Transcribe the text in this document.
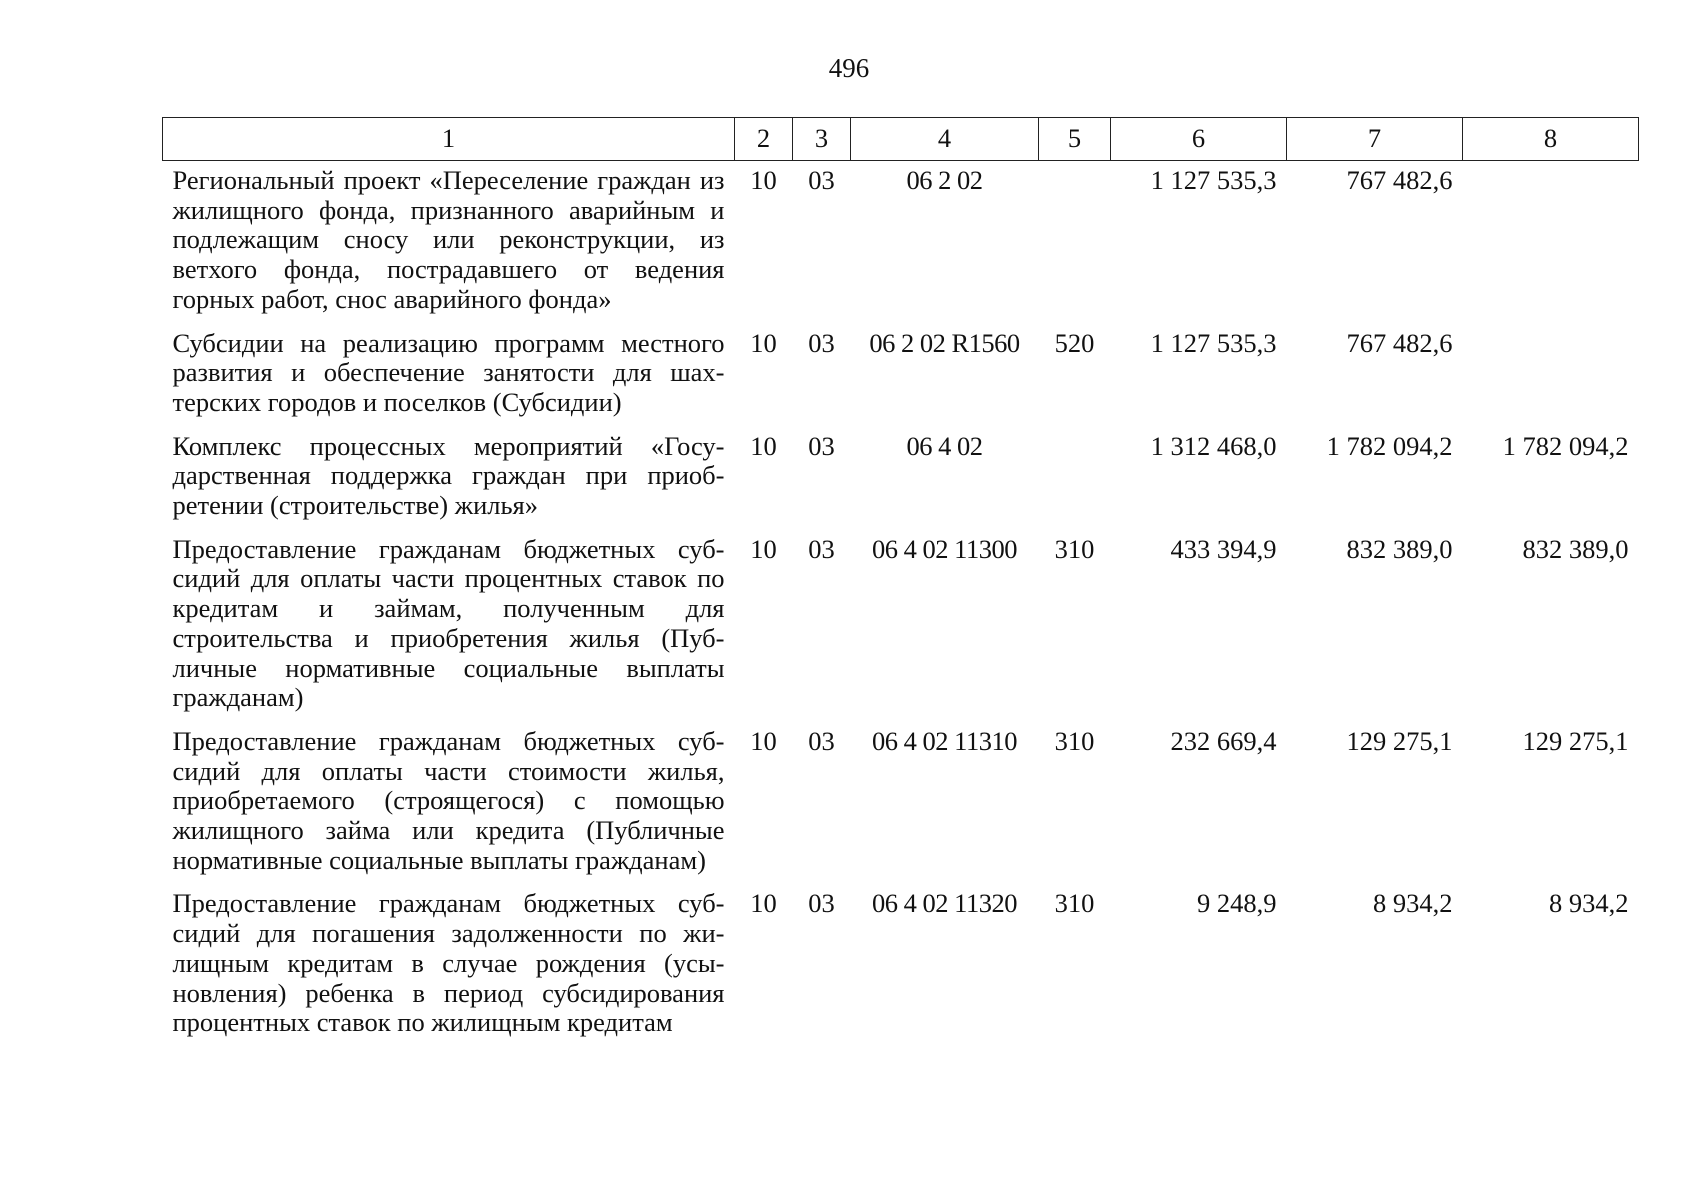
496
1	2	3	4	5	6	7	8
Региональный проект «Переселение граждан из жилищного фонда, признанного аварийным и подлежащим сносу или реконструкции, из ветхого фонда, пострадавшего от ведения горных работ, снос аварийного фонда»	10	03	06 2 02		1 127 535,3	767 482,6	
Субсидии на реализацию программ местного развития и обеспечение занятости для шахтерских городов и поселков (Субсидии)	10	03	06 2 02 R1560	520	1 127 535,3	767 482,6	
Комплекс процессных мероприятий «Государственная поддержка граждан при приобретении (строительстве) жилья»	10	03	06 4 02		1 312 468,0	1 782 094,2	1 782 094,2
Предоставление гражданам бюджетных субсидий для оплаты части процентных ставок по кредитам и займам, полученным для строительства и приобретения жилья (Публичные нормативные социальные выплаты гражданам)	10	03	06 4 02 11300	310	433 394,9	832 389,0	832 389,0
Предоставление гражданам бюджетных субсидий для оплаты части стоимости жилья, приобретаемого (строящегося) с помощью жилищного займа или кредита (Публичные нормативные социальные выплаты гражданам)	10	03	06 4 02 11310	310	232 669,4	129 275,1	129 275,1
Предоставление гражданам бюджетных субсидий для погашения задолженности по жилищным кредитам в случае рождения (усыновления) ребенка в период субсидирования процентных ставок по жилищным кредитам	10	03	06 4 02 11320	310	9 248,9	8 934,2	8 934,2
